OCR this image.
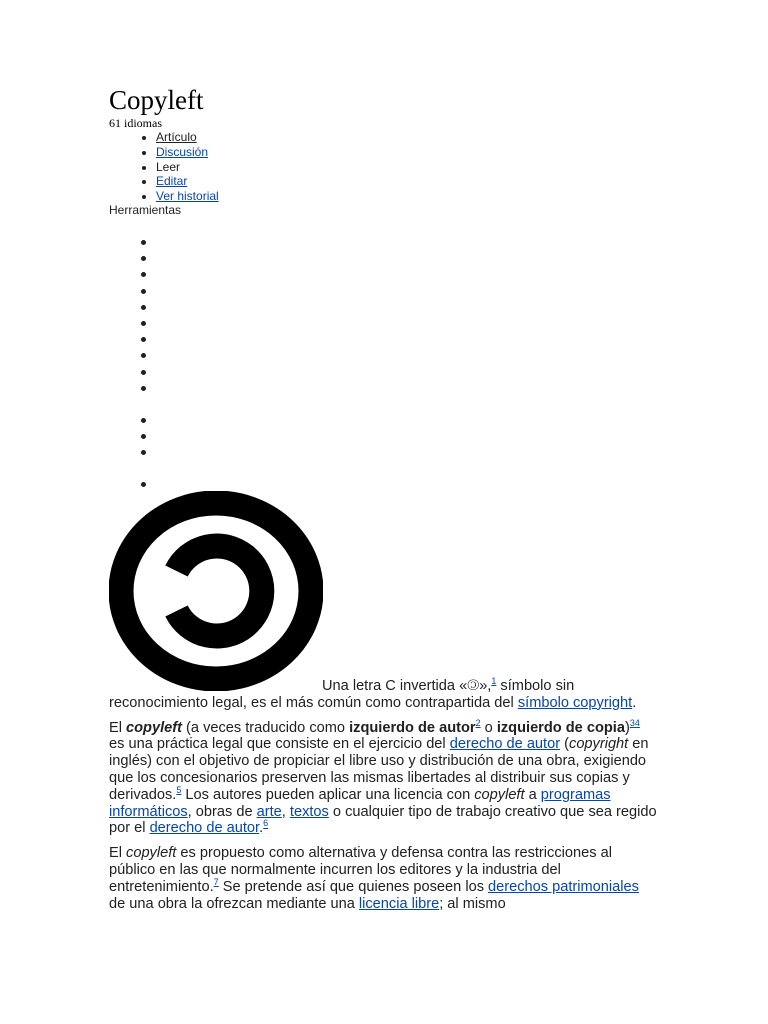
Copyleft
61 idiomas
• Artículo
• Discusión
• Leer
• Editar
• Ver historial
Herramientas

Una letra C invertida «🄯»,$^1$ símbolo sin reconocimiento legal, es el más común como contrapartida del símbolo copyright.

El copyleft (a veces traducido como izquierdo de autor$^2$ o izquierdo de copia)$^{34}$ es una práctica legal que consiste en el ejercicio del derecho de autor (copyright en inglés) con el objetivo de propiciar el libre uso y distribución de una obra, exigiendo que los concesionarios preserven las mismas libertades al distribuir sus copias y derivados.$^5$ Los autores pueden aplicar una licencia con copyleft a programas informáticos, obras de arte, textos o cualquier tipo de trabajo creativo que sea regido por el derecho de autor.$^6$

El copyleft es propuesto como alternativa y defensa contra las restricciones al público en las que normalmente incurren los editores y la industria del entretenimiento.$^7$ Se pretende así que quienes poseen los derechos patrimoniales de una obra la ofrezcan mediante una licencia libre; al mismo
